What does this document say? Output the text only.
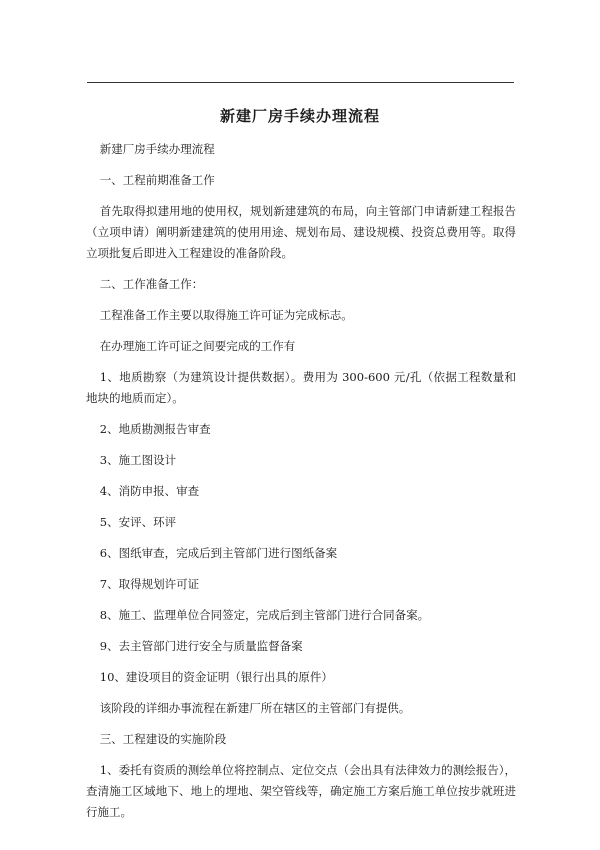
新建厂房手续办理流程

新建厂房手续办理流程

一、工程前期准备工作

首先取得拟建用地的使用权，规划新建建筑的布局，向主管部门申请新建工程报告（立项申请）阐明新建建筑的使用用途、规划布局、建设规模、投资总费用等。取得立项批复后即进入工程建设的准备阶段。

二、工作准备工作：

工程准备工作主要以取得施工许可证为完成标志。

在办理施工许可证之间要完成的工作有

1、地质勘察（为建筑设计提供数据）。费用为 300-600 元/孔（依据工程数量和地块的地质而定）。

2、地质勘测报告审查

3、施工图设计

4、消防申报、审查

5、安评、环评

6、图纸审查，完成后到主管部门进行图纸备案

7、取得规划许可证

8、施工、监理单位合同签定，完成后到主管部门进行合同备案。

9、去主管部门进行安全与质量监督备案

10、建设项目的资金证明（银行出具的原件）

该阶段的详细办事流程在新建厂所在辖区的主管部门有提供。

三、工程建设的实施阶段

1、委托有资质的测绘单位将控制点、定位交点（会出具有法律效力的测绘报告），查清施工区域地下、地上的埋地、架空管线等，确定施工方案后施工单位按步就班进行施工。
